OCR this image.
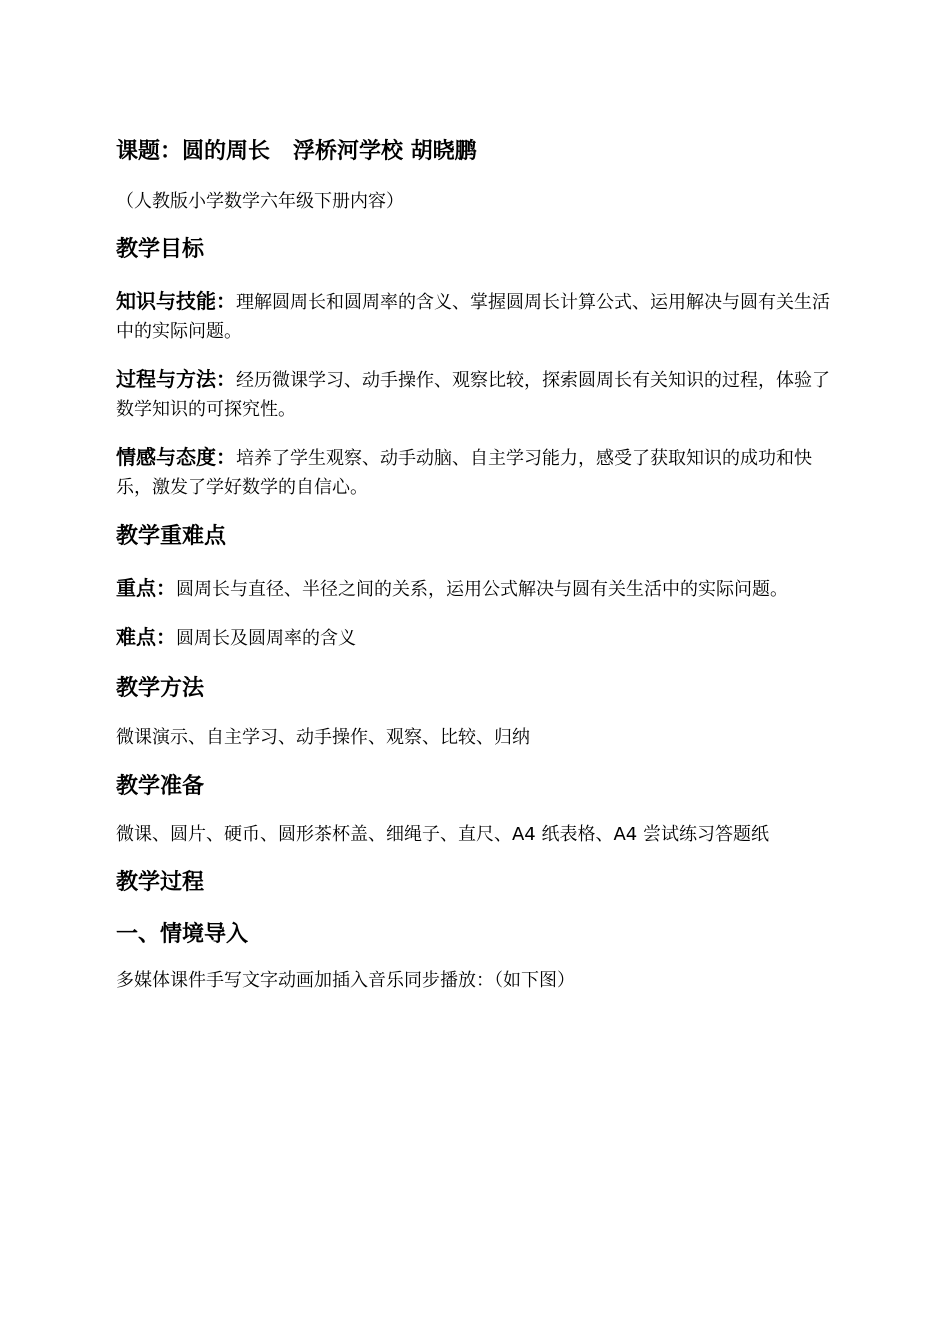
课题：圆的周长   浮桥河学校 胡晓鹏
（人教版小学数学六年级下册内容）
教学目标
知识与技能：理解圆周长和圆周率的含义、掌握圆周长计算公式、运用解决与圆有关生活中的实际问题。
过程与方法：经历微课学习、动手操作、观察比较，探索圆周长有关知识的过程，体验了数学知识的可探究性。
情感与态度：培养了学生观察、动手动脑、自主学习能力，感受了获取知识的成功和快乐，激发了学好数学的自信心。
教学重难点
重点：圆周长与直径、半径之间的关系，运用公式解决与圆有关生活中的实际问题。
难点：圆周长及圆周率的含义
教学方法
微课演示、自主学习、动手操作、观察、比较、归纳
教学准备
微课、圆片、硬币、圆形茶杯盖、细绳子、直尺、A4 纸表格、A4 尝试练习答题纸
教学过程
一、情境导入
多媒体课件手写文字动画加插入音乐同步播放：（如下图）
